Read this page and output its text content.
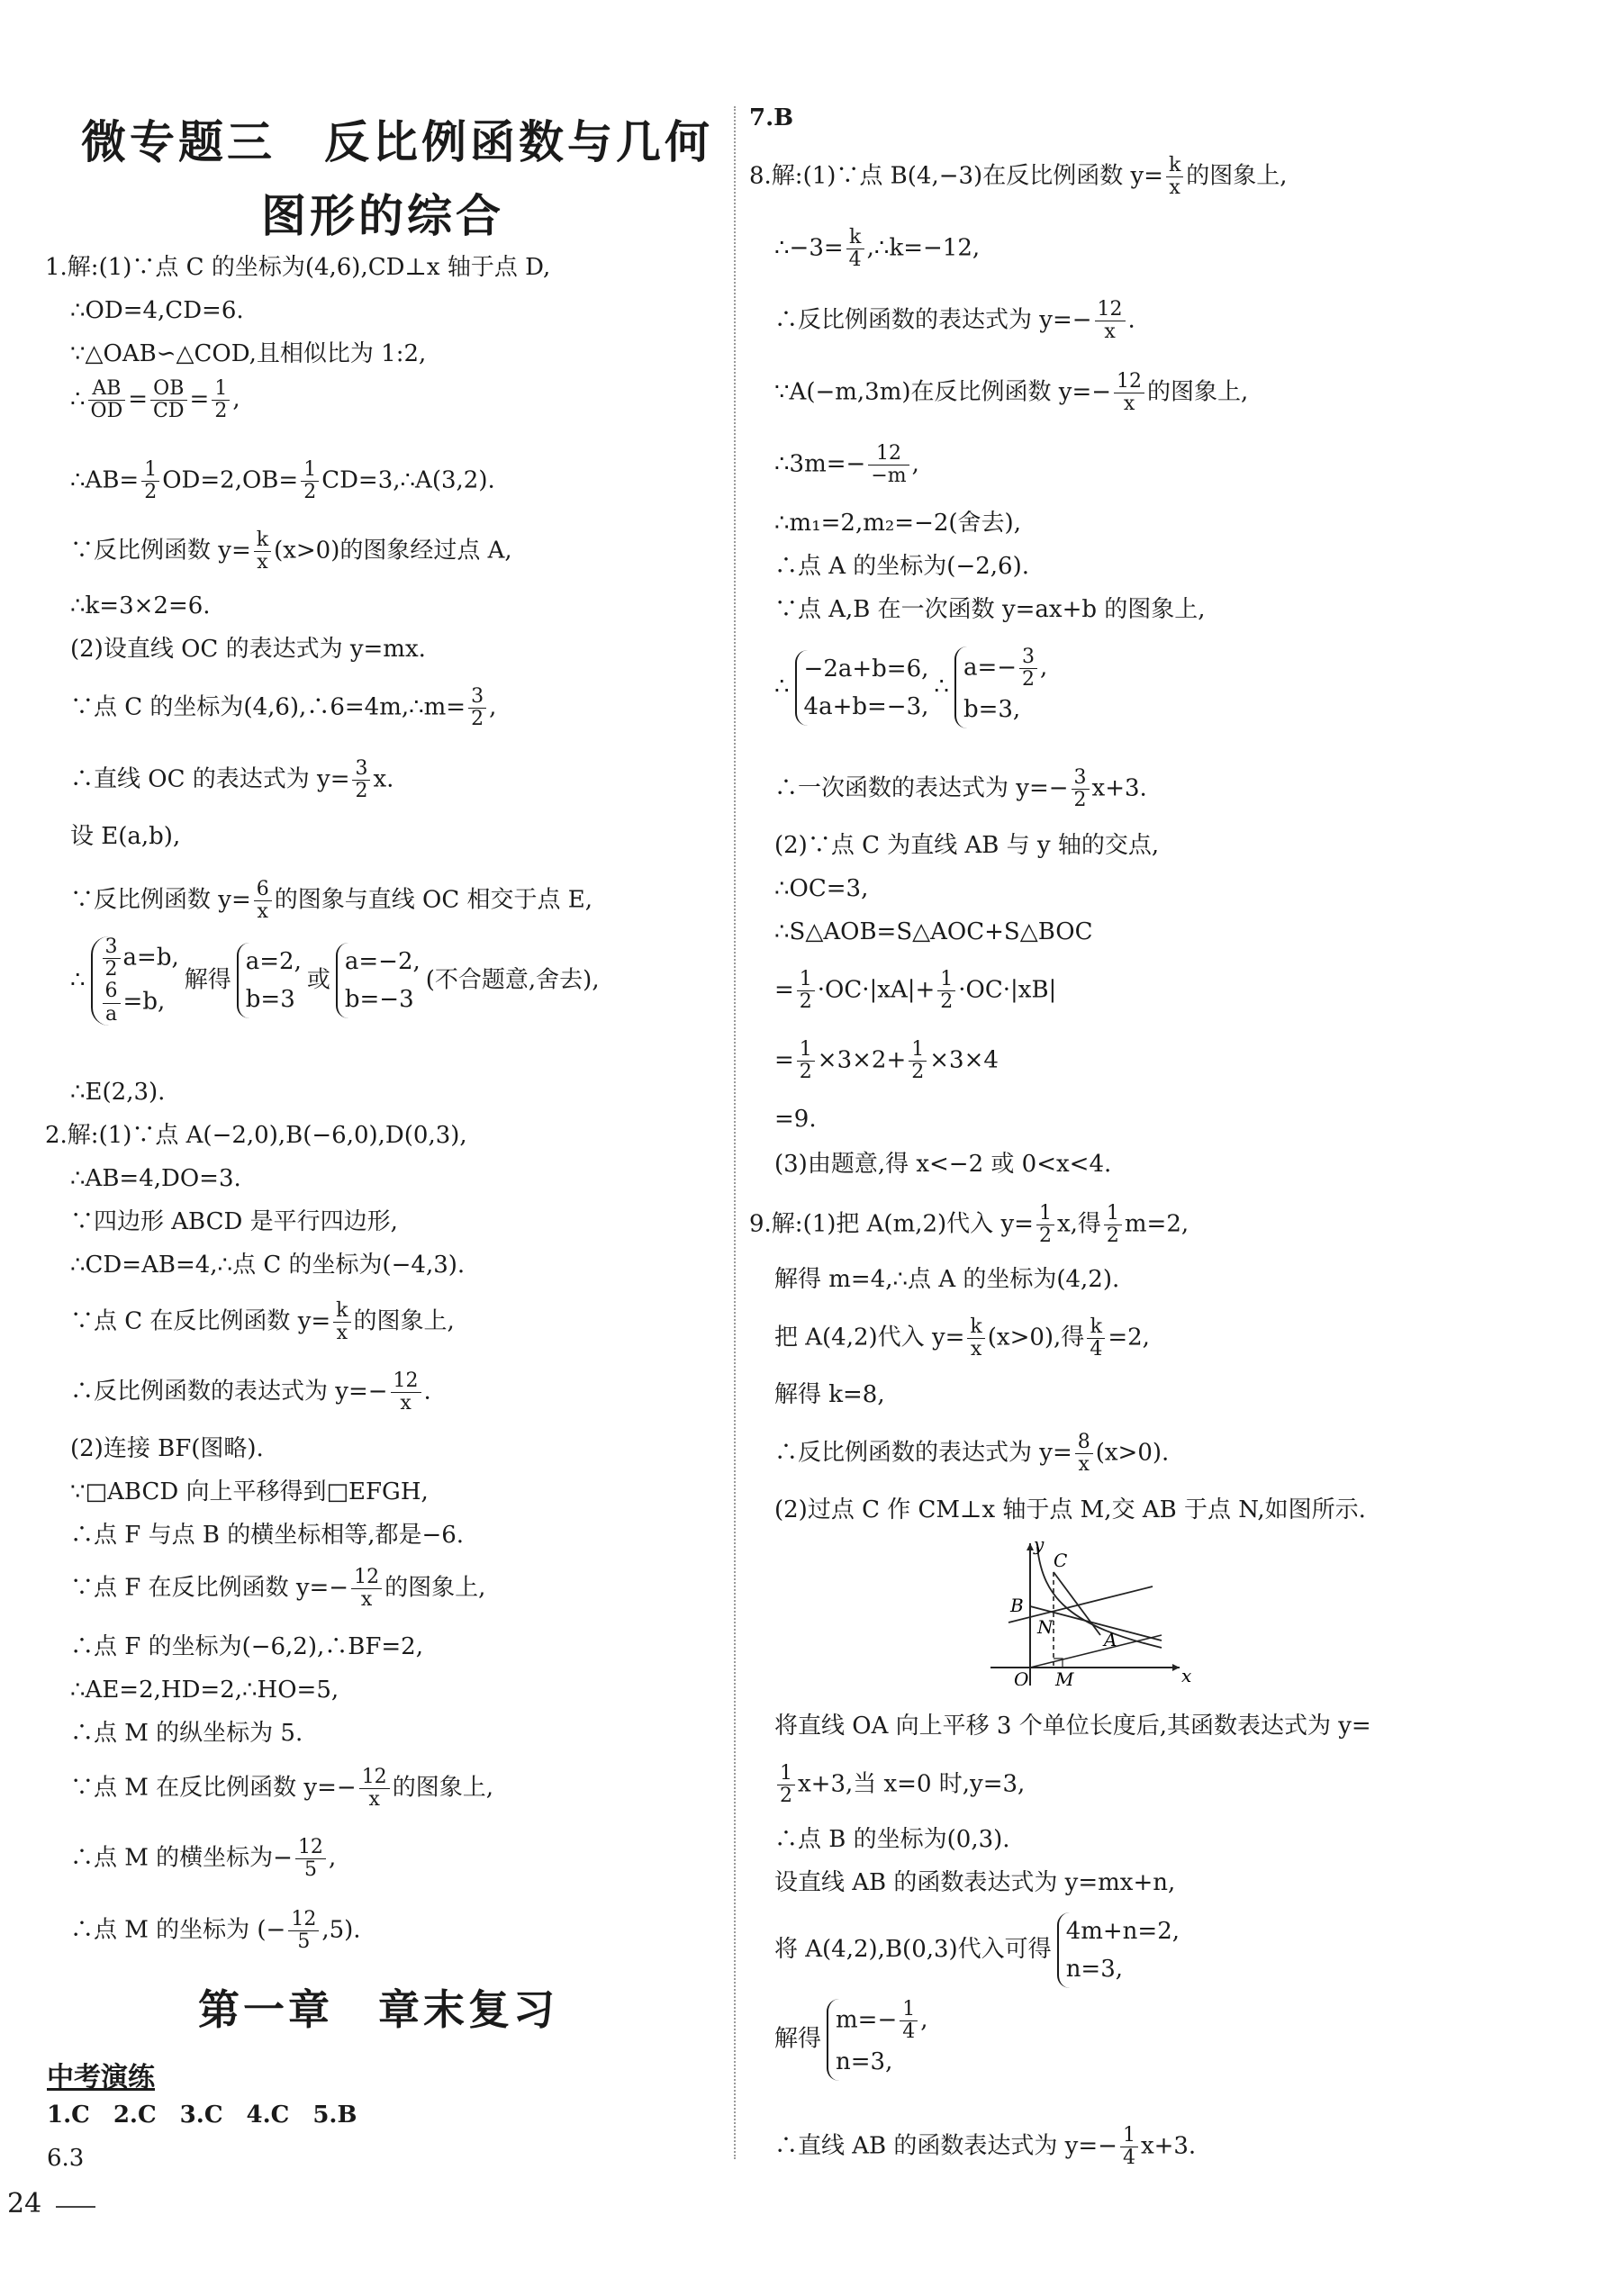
微专题三　反比例函数与几何
图形的综合
1.解:(1)∵点 C 的坐标为(4,6),CD⊥x 轴于点 D,
∴OD=4,CD=6.
∵△OAB∽△COD,且相似比为 1:2,
∴ $\frac{AB}{OD} = \frac{OB}{CD} = \frac{1}{2}$ ,
∴AB= $\frac{1}{2} OD=2,OB= \frac{1}{2}$ CD=3,∴A(3,2).
∵反比例函数 $y= \frac{k}{x} (x>0)$的图象经过点 A,
∴k=3×2=6.
(2)设直线 OC 的表达式为 y=mx.
∵点 C 的坐标为(4,6),∴6=4m,∴m= $\frac{3}{2}$ ,
∴直线 OC 的表达式为 $y= \frac{3}{2} x$.
设 E(a,b),
∵反比例函数 $y= \frac{6}{x}$ 的图象与直线 OC 相交于点 E,
∴ $\frac{3}{2} a=b$,
$\frac{6}{a} =b$,
解得
a=2,
b=3
或
a=−2,
b=−3
(不合题意,舍去),
∴E(2,3).
2.解:(1)∵点 A(−2,0),B(−6,0),D(0,3),
∴AB=4,DO=3.
∵四边形 ABCD 是平行四边形,
∴CD=AB=4,∴点 C 的坐标为(−4,3).
∵点 C 在反比例函数 $y= \frac{k}{x}$ 的图象上,
∴反比例函数的表达式为 $y=- \frac{12}{x}$ .
(2)连接 BF(图略).
∵□ABCD 向上平移得到□EFGH,
∴点 F 与点 B 的横坐标相等,都是−6.
∵点 F 在反比例函数 $y=- \frac{12}{x}$ 的图象上,
∴点 F 的坐标为(−6,2),∴BF=2,
∴AE=2,HD=2,∴HO=5,
∴点 M 的纵坐标为 5.
∵点 M 在反比例函数 $y=- \frac{12}{x}$ 的图象上,
∴点 M 的横坐标为− $\frac{12}{5}$ ,
∴点 M 的坐标为 (− $\frac{12}{5} ,5$).
第一章　章末复习
中考演练
1.C　2.C　3.C　4.C　5.B
6.3
24
7.B
8.解:(1)∵点 B(4,−3)在反比例函数 $y= \frac{k}{x}$ 的图象上,
∴−3= $\frac{k}{4}$ ,∴k=−12,
∴反比例函数的表达式为 $y=- \frac{12}{x}$ .
∵A(−m,3m)在反比例函数 $y=- \frac{12}{x}$ 的图象上,
∴3m=− $\frac{12}{-m}$ ,
∴m₁=2,m₂=−2(舍去),
∴点 A 的坐标为(−2,6).
∵点 A,B 在一次函数 y=ax+b 的图象上,
∴
−2a+b=6,
4a+b=−3,
∴
$a=- \frac{3}{2}$ ,
b=3,
∴一次函数的表达式为 $y=- \frac{3}{2} x+3$.
(2)∵点 C 为直线 AB 与 y 轴的交点,
∴OC=3,
∴S△AOB=S△AOC+S△BOC
= $\frac{1}{2} \cdot OC\cdot|xA|+ \frac{1}{2} \cdot OC\cdot|xB|$
= $\frac{1}{2} \times 3\times 2+ \frac{1}{2} \times 3\times 4$
=9.
(3)由题意,得 x<−2 或 0<x<4.
9.解:(1)把 A(m,2)代入 $y= \frac{1}{2} x$,得 $\frac{1}{2} m=2$,
解得 m=4,∴点 A 的坐标为(4,2).
把 A(4,2)代入 $y= \frac{k}{x} (x>0)$,得 $\frac{k}{4} =2$,
解得 k=8,
∴反比例函数的表达式为 $y= \frac{8}{x} (x>0)$.
(2)过点 C 作 CM⊥x 轴于点 M,交 AB 于点 N,如图所示.
y
x
C
B
N
A
O M
将直线 OA 向上平移 3 个单位长度后,其函数表达式为 y=
$\frac{1}{2} x+3$,当 x=0 时,y=3,
∴点 B 的坐标为(0,3).
设直线 AB 的函数表达式为 y=mx+n,
将 A(4,2),B(0,3)代入可得
4m+n=2,
n=3,
解得
$m=- \frac{1}{4}$ ,
n=3,
∴直线 AB 的函数表达式为 $y=- \frac{1}{4} x+3$.
